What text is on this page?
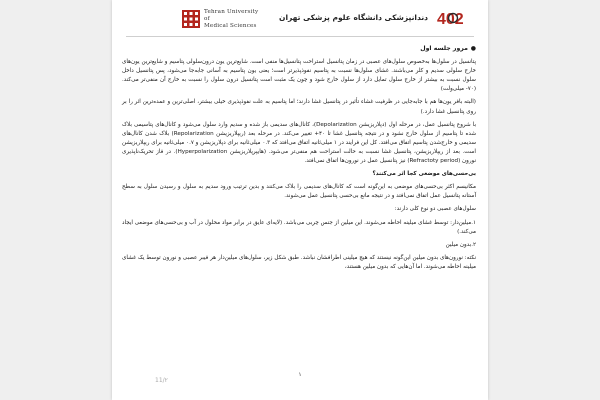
Tehran University
of
Medical Sciences
دندانپزشکی دانشگاه علوم پزشکی تهران 402

●
مرور جلسه اول

پتانسیل در سلول‌ها به‌خصوص سلول‌های عصبی در زمان پتانسیل استراحت پتانسیل‌ها منفی است. شایع‌ترین یون درون‌سلولی پتاسیم و شایع‌ترین یون‌های خارج سلولی سدیم و کلر می‌باشند. غشای سلول‌ها نسبت به پتاسیم نفوذپذیرتر است؛ یعنی یون پتاسیم به آسانی جابه‌جا می‌شود، پس پتانسیل داخل سلول نسبت به بیشتر از خارج سلول تمایل دارد از سلول خارج شود و چون یک مثبت است پتانسیل درون سلول را نسبت به خارج آن منفی‌تر می‌کند. (۷۰- میلی‌ولت)

(البته بافر یون‌ها هم با جابه‌جایی در ظرفیت غشاء تأثیر در پتانسیل غشا دارند؛ اما پتاسیم به علت نفوذپذیری خیلی بیشتر، اصلی‌ترین و عمده‌ترین اثر را بر روی پتانسیل غشا دارد.)

با شروع پتانسیل عمل، در مرحله اول (دپلاریزیشن Depolarization)، کانال‌های سدیمی باز شده و سدیم وارد سلول می‌شود و کانال‌های پتاسیمی بلاک شده تا پتاسیم از سلول خارج نشود و در نتیجه پتانسیل غشا تا ۴۰+ تغییر می‌کند. در مرحله بعد (ریپلاریزیشن Repolarization) بلاک شدن کانال‌های سدیمی و خارج‌شدن پتاسیم اتفاق می‌افتد. کل این فرایند در ۱ میلی‌ثانیه اتفاق می‌افتد که ۰.۳ میلی‌ثانیه برای دپلاریزیشن و ۰.۷ میلی‌ثانیه برای ریپلاریزیشن است. بعد از ریپلاریزیشن، پتانسیل غشا نسبت به حالت استراحت هم منفی‌تر می‌شود. (هایپرپلاریزیشن Hyperpolarization). در فاز تحریک‌ناپذیری نورون (Refractoty period) نیز پتانسیل عمل در نورون‌ها اتفاق نمی‌افتد.

بی‌حسی‌های موضعی کجا اثر می‌کنند؟

مکانیسم اکثر بی‌حسی‌های موضعی به این‌گونه است که کانال‌های سدیمی را بلاک می‌کنند و بدین ترتیب ورود سدیم به سلول و رسیدن سلول به سطح آستانه پتانسیل عمل اتفاق نمی‌افتد و در نتیجه مانع بی‌حسی پتانسیل عمل می‌شوند.

سلول‌های عصبی دو نوع کلی دارند:

۱.میلین‌دار: توسط غشای میلینه احاطه می‌شوند. این میلین از جنس چربی می‌باشد. (لایه‌ای عایق در برابر مواد محلول در آب و بی‌حسی‌های موضعی ایجاد می‌کند.)

۲.بدون میلین

نکته: نورون‌های بدون میلین این‌گونه نیستند که هیچ میلینی اطرافشان نباشد. طبق شکل زیر، سلول‌های میلین‌دار هر فیبر عصبی و نورون توسط یک غشای میلینه احاطه می‌شوند. اما آن‌هایی که بدون میلین هستند،

۱
11/۲
